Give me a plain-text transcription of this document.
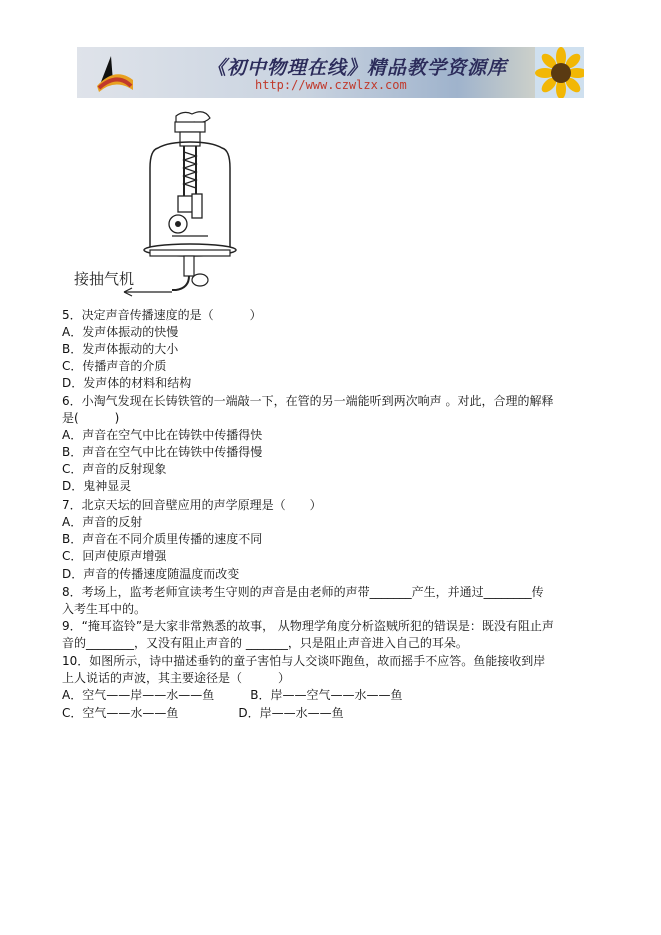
《初中物理在线》精品教学资源库
http://www.czwlzx.com
接抽气机
5．决定声音传播速度的是（　　　）
A．发声体振动的快慢
B．发声体振动的大小
C．传播声音的介质
D．发声体的材料和结构
6．小淘气发现在长铸铁管的一端敲一下，在管的另一端能听到两次响声 。对此，合理的解释
是(　　　)
A．声音在空气中比在铸铁中传播得快
B．声音在空气中比在铸铁中传播得慢
C．声音的反射现象
D．鬼神显灵
7．北京天坛的回音壁应用的声学原理是（　　）
A．声音的反射
B．声音在不同介质里传播的速度不同
C．回声使原声增强
D．声音的传播速度随温度而改变
8．考场上，监考老师宣读考生守则的声音是由老师的声带_______产生，并通过________传
入考生耳中的。
9．“掩耳盗铃”是大家非常熟悉的故事， 从物理学角度分析盗贼所犯的错误是：既没有阻止声
音的________，又没有阻止声音的 _______，只是阻止声音进入自己的耳朵。
10．如图所示，诗中描述垂钓的童子害怕与人交谈吓跑鱼，故而摇手不应答。鱼能接收到岸
上人说话的声波，其主要途径是（　　　）
A．空气——岸——水——鱼　　　B．岸——空气——水——鱼
C．空气——水——鱼　　　　　D．岸——水——鱼
